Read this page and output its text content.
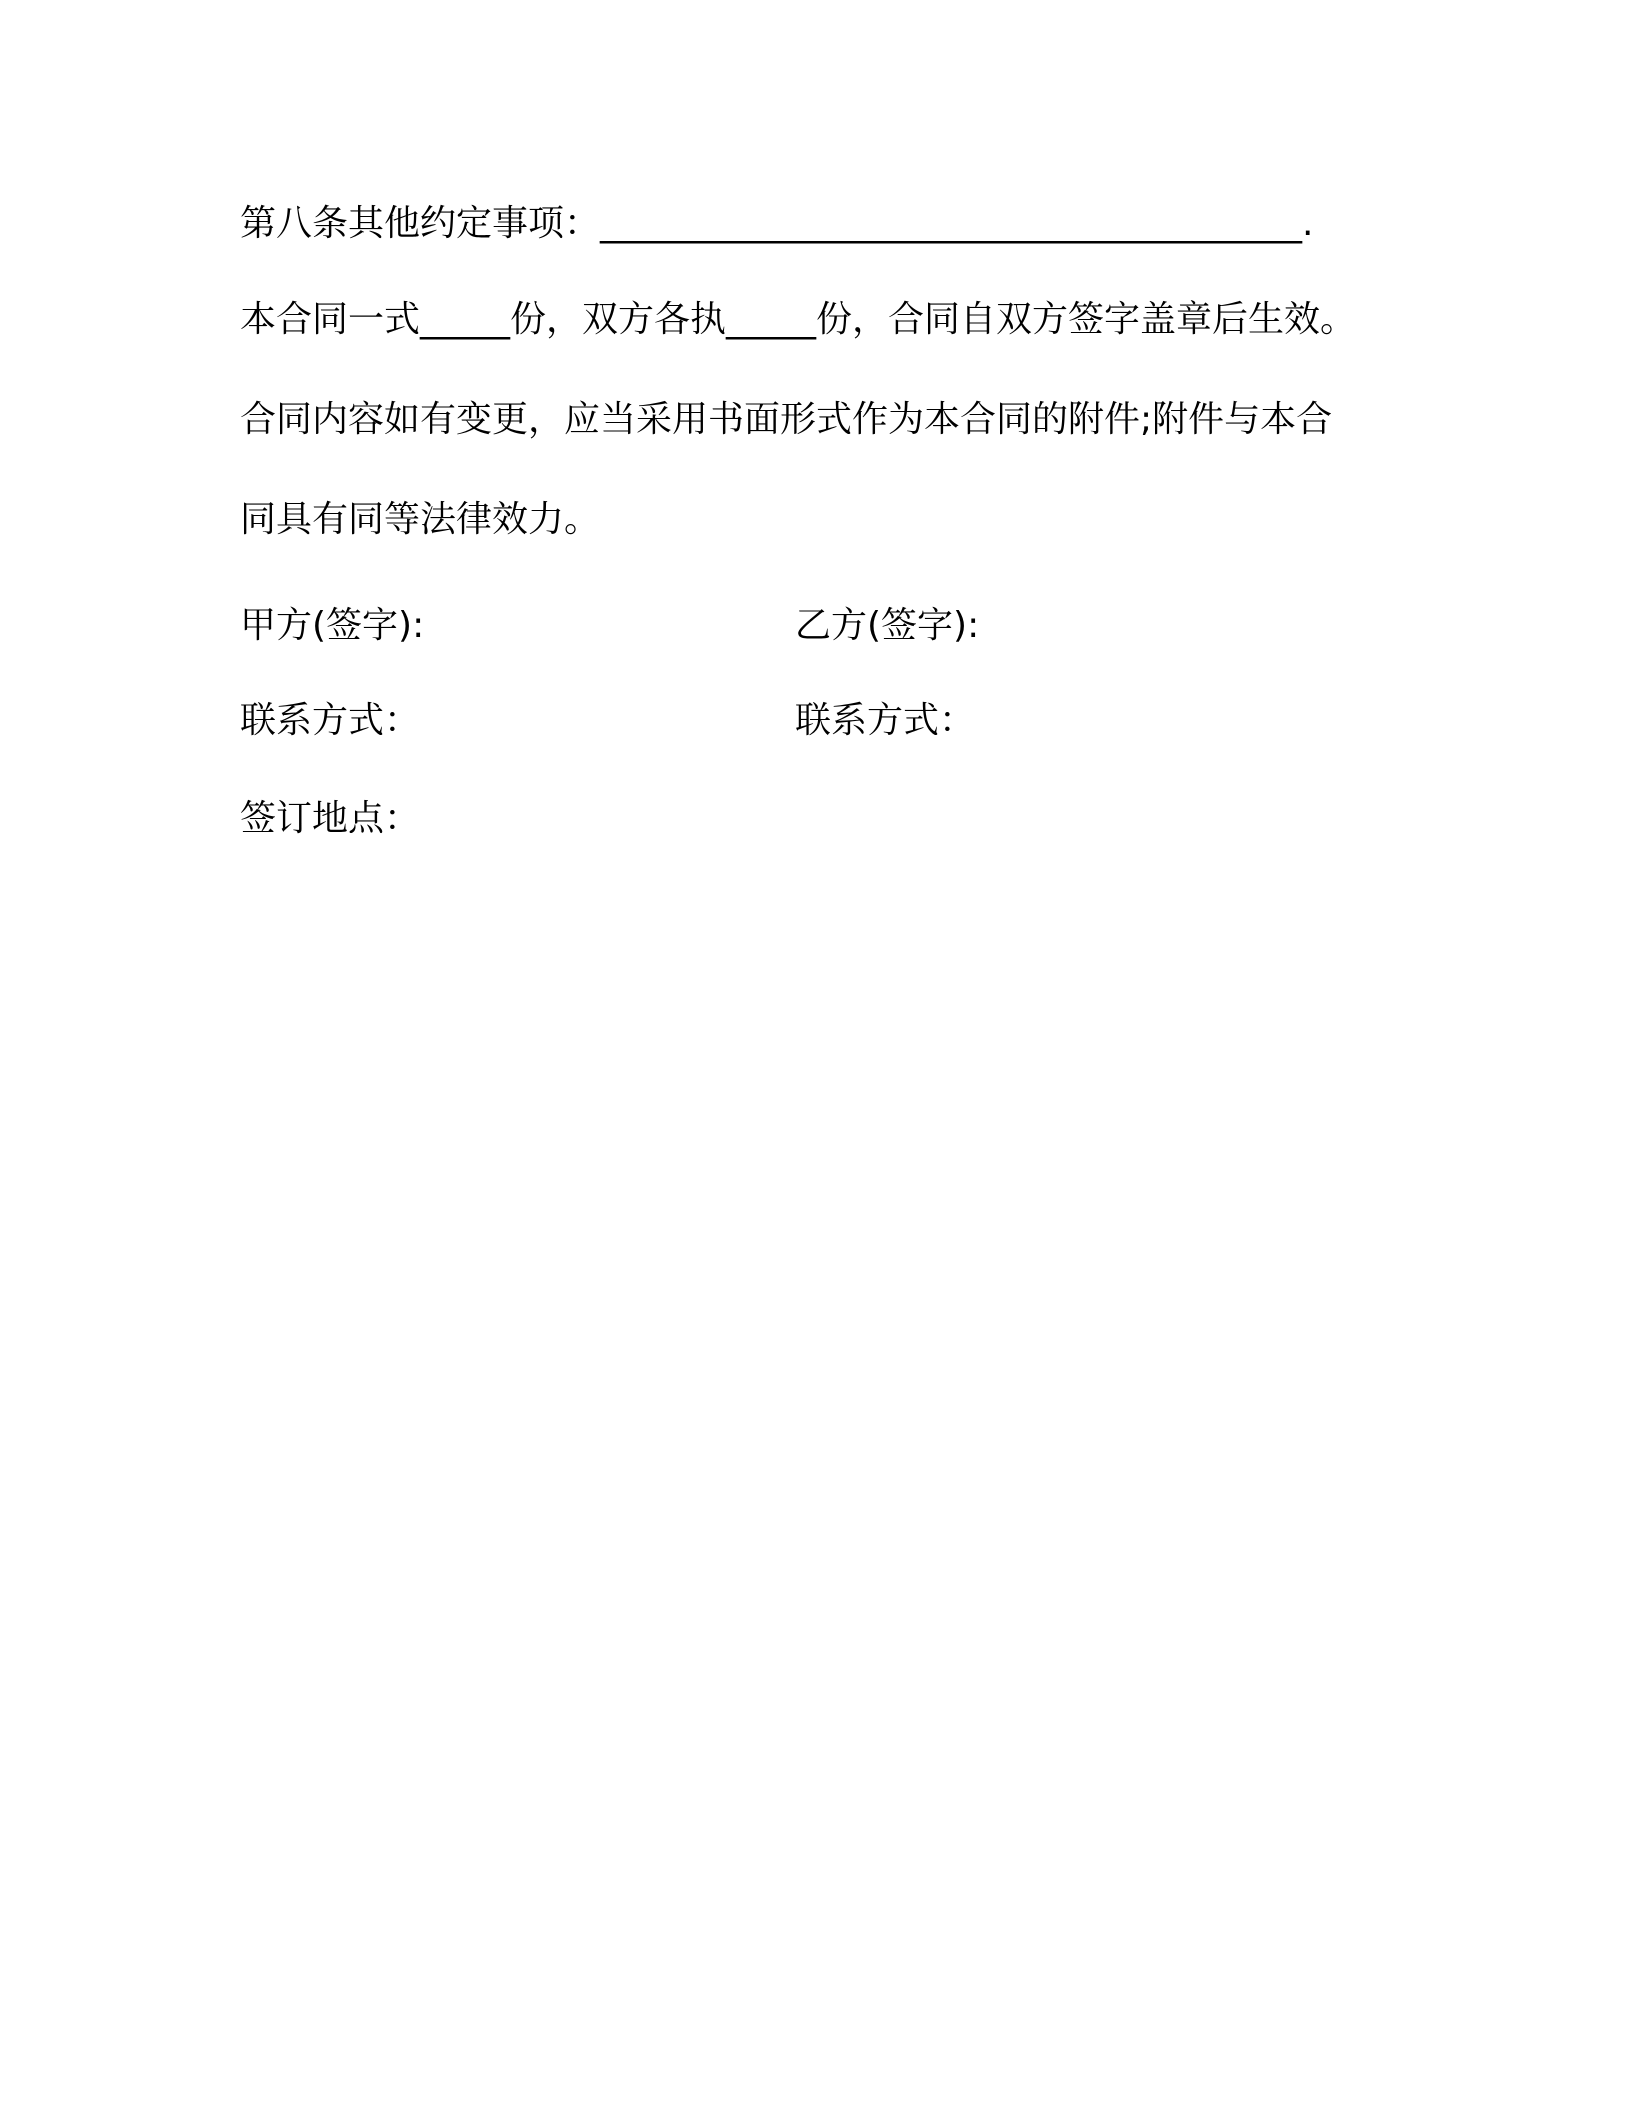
第八条其他约定事项：_______________________________________.
本合同一式_____份，双方各执_____份，合同自双方签字盖章后生效。
合同内容如有变更，应当采用书面形式作为本合同的附件;附件与本合
同具有同等法律效力。
甲方(签字):	乙方(签字):
联系方式：	联系方式：
签订地点：
